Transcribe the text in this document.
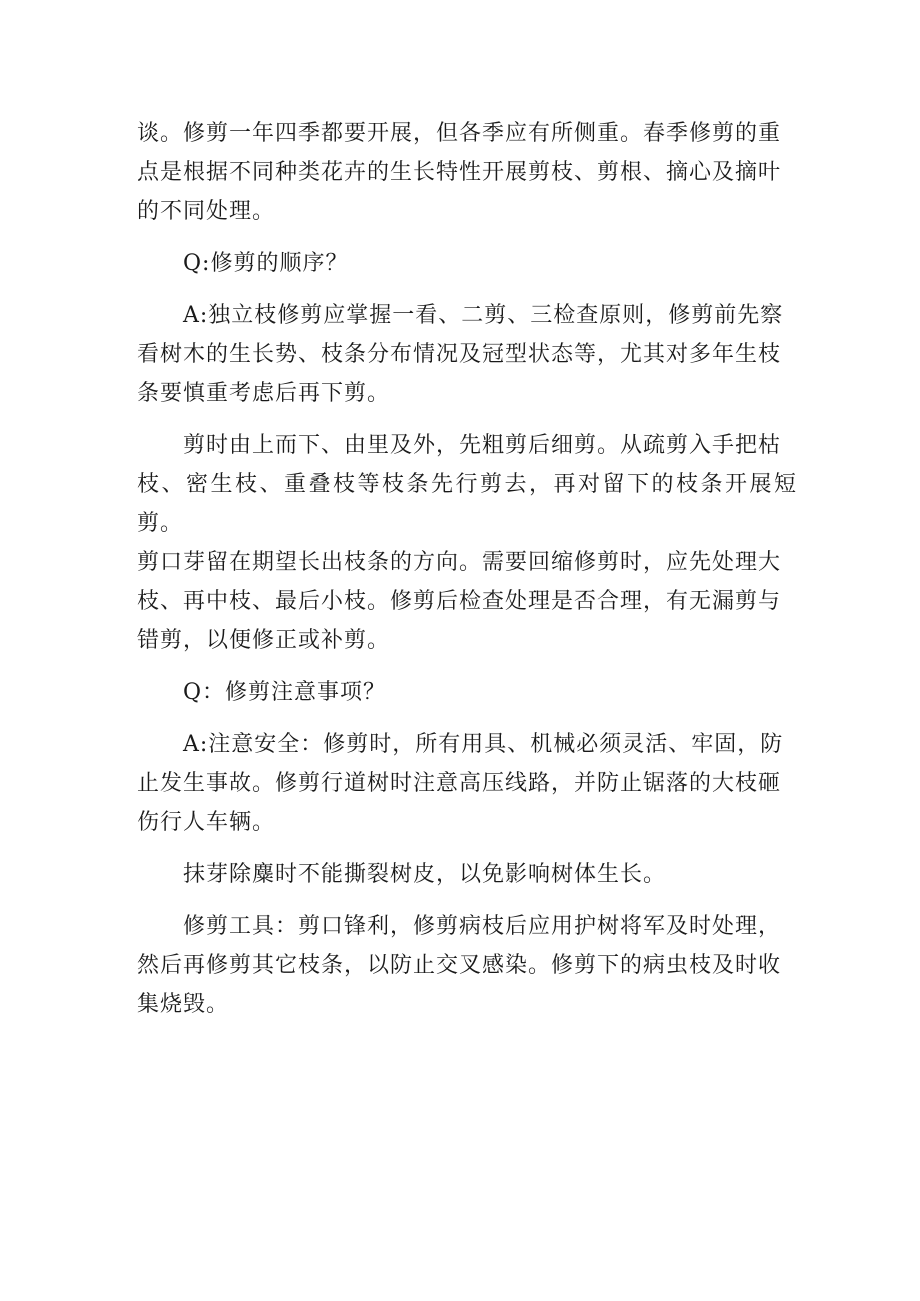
谈。修剪一年四季都要开展，但各季应有所侧重。春季修剪的重
点是根据不同种类花卉的生长特性开展剪枝、剪根、摘心及摘叶
的不同处理。

Q:修剪的顺序？

A:独立枝修剪应掌握一看、二剪、三检查原则，修剪前先察
看树木的生长势、枝条分布情况及冠型状态等，尤其对多年生枝
条要慎重考虑后再下剪。

剪时由上而下、由里及外，先粗剪后细剪。从疏剪入手把枯
枝、密生枝、重叠枝等枝条先行剪去，再对留下的枝条开展短剪。
剪口芽留在期望长出枝条的方向。需要回缩修剪时，应先处理大
枝、再中枝、最后小枝。修剪后检查处理是否合理，有无漏剪与
错剪，以便修正或补剪。

Q：修剪注意事项？

A:注意安全：修剪时，所有用具、机械必须灵活、牢固，防
止发生事故。修剪行道树时注意高压线路，并防止锯落的大枝砸
伤行人车辆。

抹芽除麋时不能撕裂树皮，以免影响树体生长。

修剪工具：剪口锋利，修剪病枝后应用护树将军及时处理，
然后再修剪其它枝条，以防止交叉感染。修剪下的病虫枝及时收
集烧毁。
